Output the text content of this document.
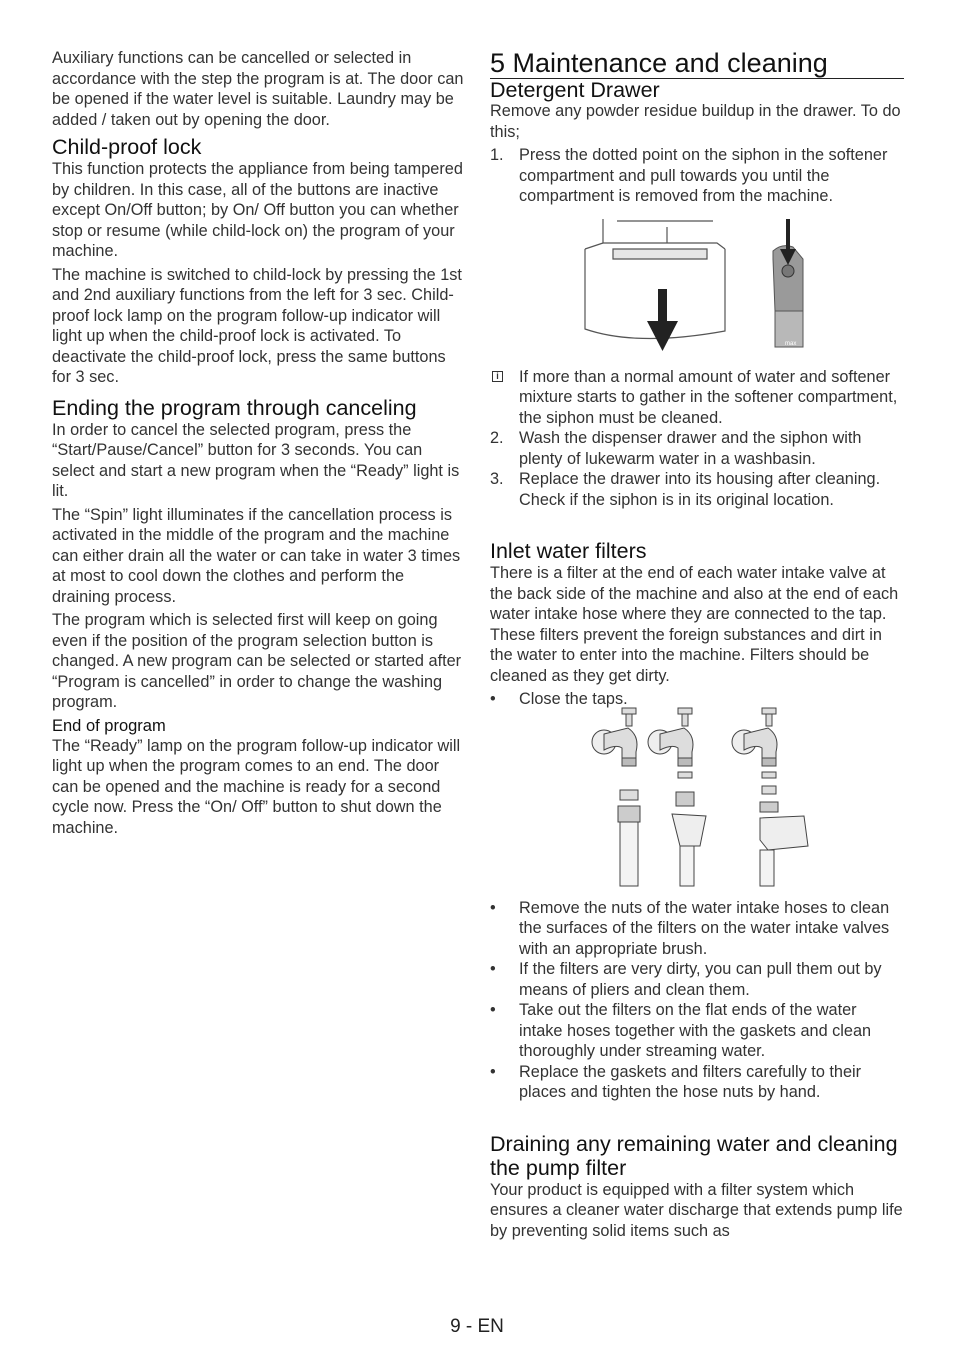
Auxiliary functions can be cancelled or selected in accordance with the step the program is at. The door can be opened if the water level is suitable. Laundry may be added / taken out by opening the door.

Child-proof lock

This function protects the appliance from being tampered by children. In this case, all of the buttons are inactive except On/Off button; by On/ Off button you can whether stop or resume (while child-lock on) the program of your machine.

The machine is switched to child-lock by pressing the 1st and 2nd auxiliary functions from the left for 3 sec. Child-proof lock lamp on the program follow-up indicator will light up when the child-proof lock is activated. To deactivate the child-proof lock, press the same buttons for 3 sec.

Ending the program through canceling

In order to cancel the selected program, press the “Start/Pause/Cancel” button for 3 seconds. You can select and start a new program when the “Ready” light is lit.

The “Spin” light illuminates if the cancellation process is activated in the middle of the program and the machine can either drain all the water or can take in water 3 times at most to cool down the clothes and perform the draining process.

The program which is selected first will keep on going even if the position of the program selection button is changed. A new program can be selected or started after “Program is cancelled” in order to change the washing program.

End of program

The “Ready” lamp on the program follow-up indicator will light up when the program comes to an end. The door can be opened and the machine is ready for a second cycle now. Press the “On/ Off” button to shut down the machine.

5 Maintenance and cleaning
Detergent Drawer

Remove any powder residue buildup in the drawer. To do this;

1. Press the dotted point on the siphon in the softener compartment and pull towards you until the compartment is removed from the machine.
max
i If more than a normal amount of water and softener mixture starts to gather in the softener compartment, the siphon must be cleaned.
2. Wash the dispenser drawer and the siphon with plenty of lukewarm water in a washbasin.
3. Replace the drawer into its housing after cleaning. Check if the siphon is in its original location.
Inlet water filters

There is a filter at the end of each water intake valve at the back side of the machine and also at the end of each water intake hose where they are connected to the tap. These filters prevent the foreign substances and dirt in the water to enter into the machine. Filters should be cleaned as they get dirty.

• Close the taps.
• Remove the nuts of the water intake hoses to clean the surfaces of the filters on the water intake valves with an appropriate brush.
• If the filters are very dirty, you can pull them out by means of pliers and clean them.
• Take out the filters on the flat ends of the water intake hoses together with the gaskets and clean thoroughly under streaming water.
• Replace the gaskets and filters carefully to their places and tighten the hose nuts by hand.
Draining any remaining water and cleaning the pump filter

Your product is equipped with a filter system which ensures a cleaner water discharge that extends pump life by preventing solid items such as

9 - EN
